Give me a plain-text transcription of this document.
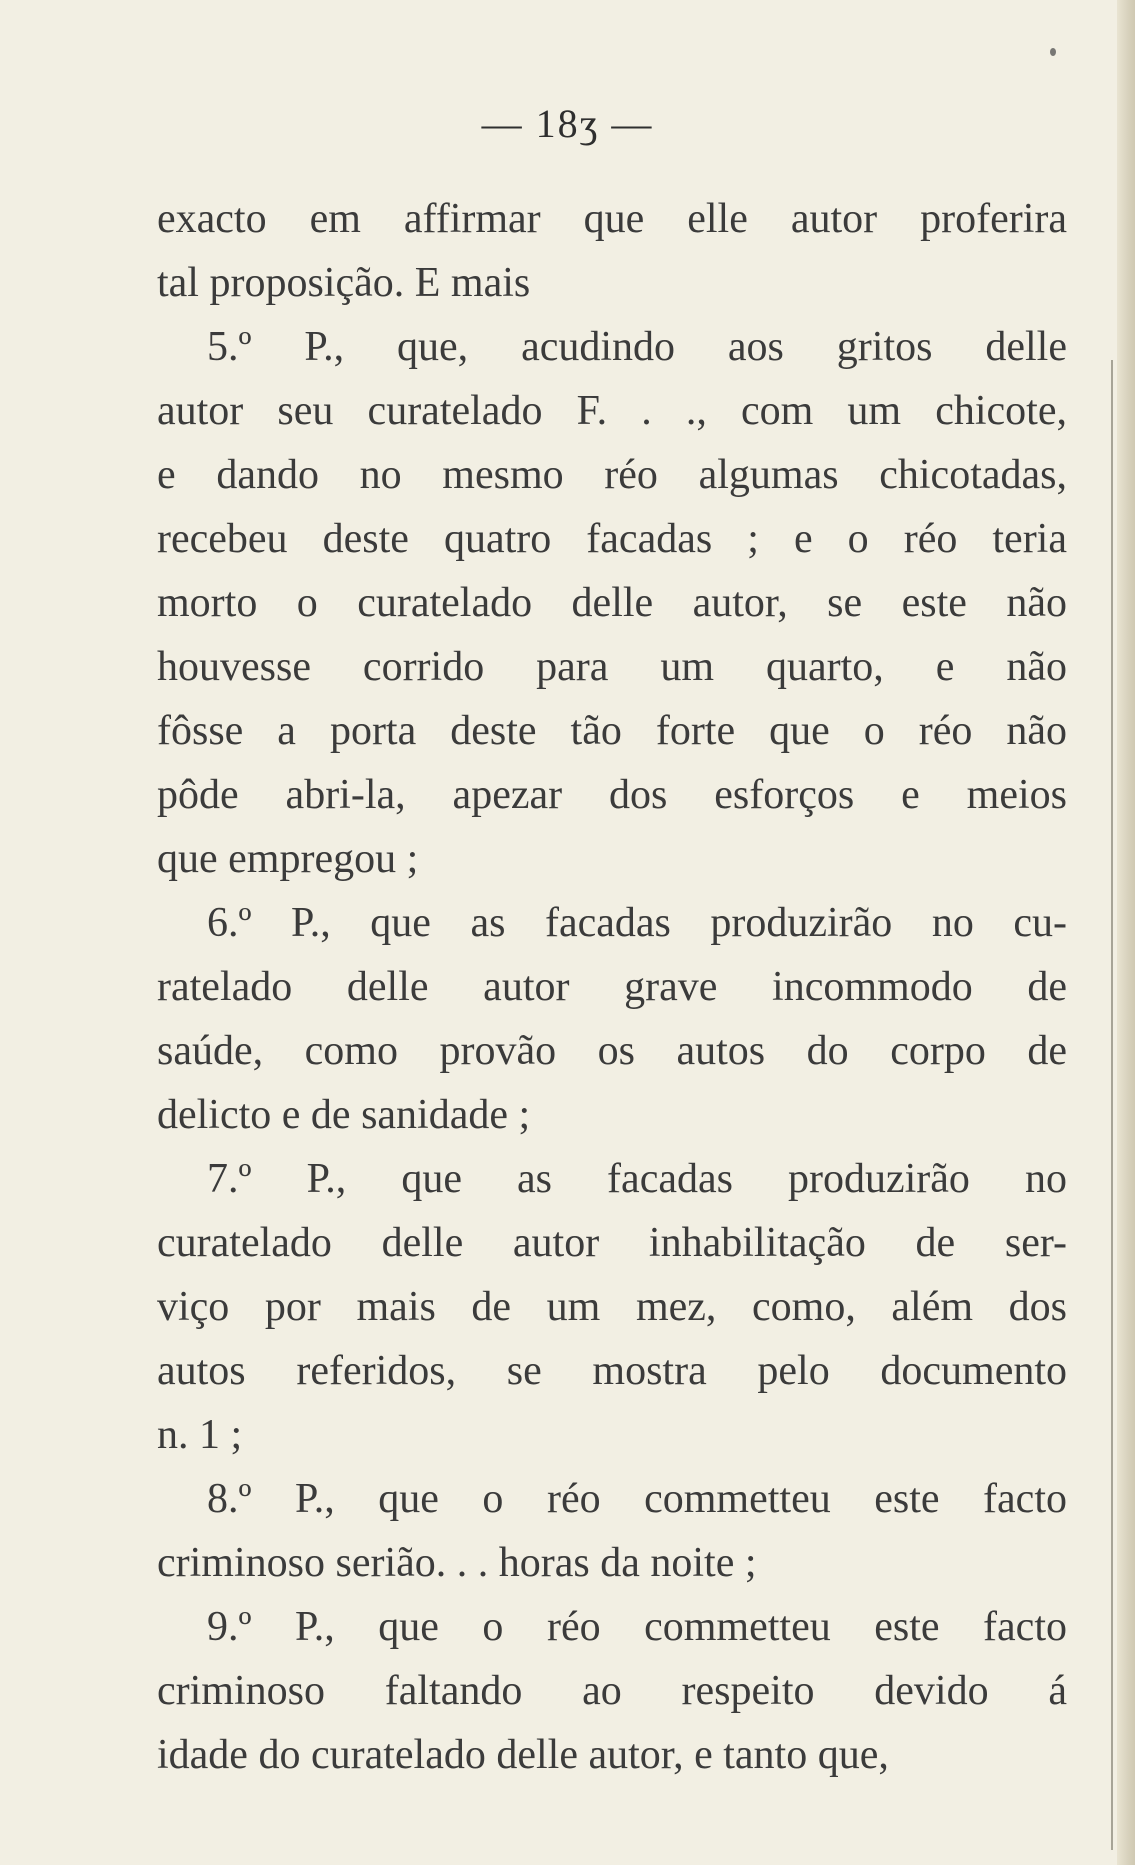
— 18ʒ —
exacto em affirmar que elle autor proferira
tal proposição. E mais
5.º P., que, acudindo aos gritos delle
autor seu curatelado F. . ., com um chicote,
e dando no mesmo réo algumas chicotadas,
recebeu deste quatro facadas ; e o réo teria
morto o curatelado delle autor, se este não
houvesse corrido para um quarto, e não
fôsse a porta deste tão forte que o réo não
pôde abri-la, apezar dos esforços e meios
que empregou ;
6.º P., que as facadas produzirão no cu-
ratelado delle autor grave incommodo de
saúde, como provão os autos do corpo de
delicto e de sanidade ;
7.º P., que as facadas produzirão no
curatelado delle autor inhabilitação de ser-
viço por mais de um mez, como, além dos
autos referidos, se mostra pelo documento
n. 1 ;
8.º P., que o réo commetteu este facto
criminoso serião. . . horas da noite ;
9.º P., que o réo commetteu este facto
criminoso faltando ao respeito devido á
idade do curatelado delle autor, e tanto que,
